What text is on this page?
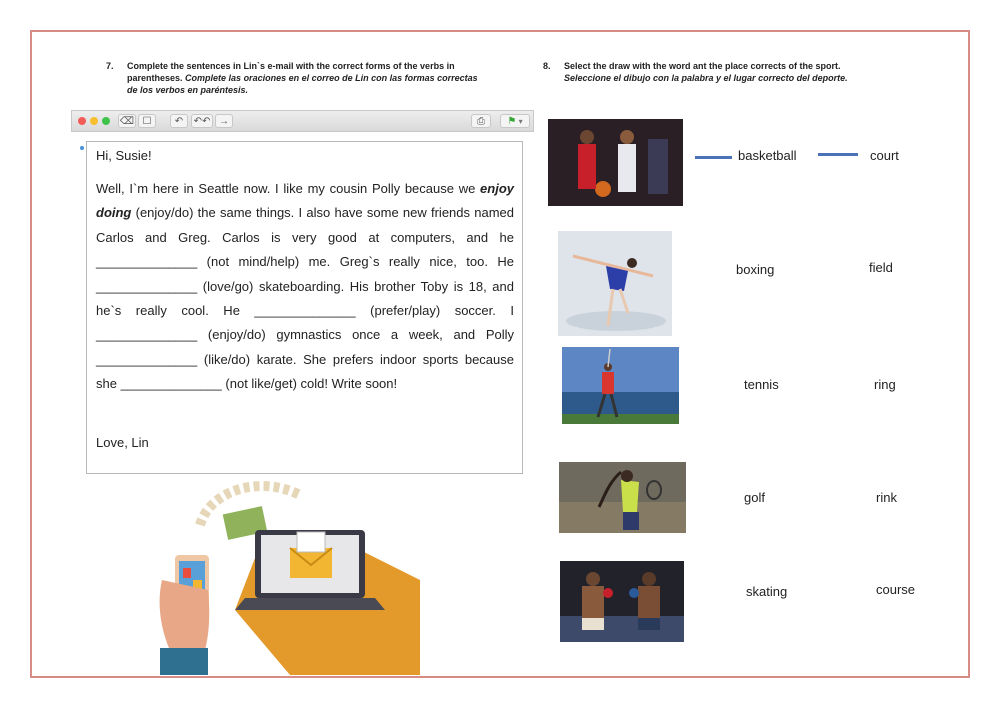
7. Complete the sentences in Lin`s e-mail with the correct forms of the verbs in parentheses. Complete las oraciones en el correo de Lin con las formas correctas de los verbos en paréntesis.
8. Select the draw with the word ant the place corrects of the sport.
Seleccione el dibujo con la palabra y el lugar correcto del deporte.
⌫ ☐	↶	↶↶ →	⎙	⚑ ▾
Hi, Susie!
Well, I`m here in Seattle now. I like my cousin Polly because we enjoy doing (enjoy/do) the same things. I also have some new friends named Carlos and Greg. Carlos is very good at computers, and he ______________ (not mind/help) me. Greg`s really nice, too. He ______________ (love/go) skateboarding. His brother Toby is 18, and he`s really cool. He ______________ (prefer/play) soccer. I ______________ (enjoy/do) gymnastics once a week, and Polly ______________ (like/do) karate. She prefers indoor sports because she ______________ (not like/get) cold! Write soon!
Love, Lin
basketball	court
boxing	field
tennis	ring
golf	rink
skating	course
